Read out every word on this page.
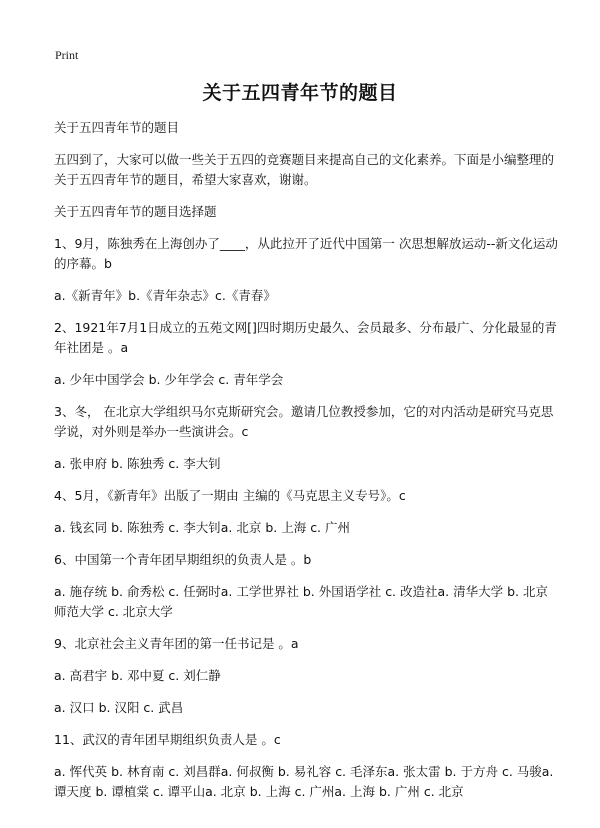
Print
关于五四青年节的题目

关于五四青年节的题目

五四到了，大家可以做一些关于五四的竞赛题目来提高自己的文化素养。下面是小编整理的关于五四青年节的题目，希望大家喜欢，谢谢。

关于五四青年节的题目选择题

1、9月，陈独秀在上海创办了____，从此拉开了近代中国第一 次思想解放运动--新文化运动的序幕。b

a.《新青年》b.《青年杂志》c.《青春》

2、1921年7月1日成立的五苑文网[]四时期历史最久、会员最多、分布最广、分化最显的青年社团是 。a

a. 少年中国学会 b. 少年学会 c. 青年学会

3、冬， 在北京大学组织马尔克斯研究会。邀请几位教授参加，它的对内活动是研究马克思学说，对外则是举办一些演讲会。c

a. 张申府 b. 陈独秀 c. 李大钊

4、5月，《新青年》出版了一期由 主编的《马克思主义专号》。c

a. 钱玄同 b. 陈独秀 c. 李大钊a. 北京 b. 上海 c. 广州

6、中国第一个青年团早期组织的负责人是 。b

a. 施存统 b. 俞秀松 c. 任弼时a. 工学世界社 b. 外国语学社 c. 改造社a. 清华大学 b. 北京师范大学 c. 北京大学

9、北京社会主义青年团的第一任书记是 。a

a. 高君宇 b. 邓中夏 c. 刘仁静

a. 汉口 b. 汉阳 c. 武昌

11、武汉的青年团早期组织负责人是 。c

a. 恽代英 b. 林育南 c. 刘昌群a. 何叔衡 b. 易礼容 c. 毛泽东a. 张太雷 b. 于方舟 c. 马骏a. 谭天度 b. 谭植棠 c. 谭平山a. 北京 b. 上海 c. 广州a. 上海 b. 广州 c. 北京
